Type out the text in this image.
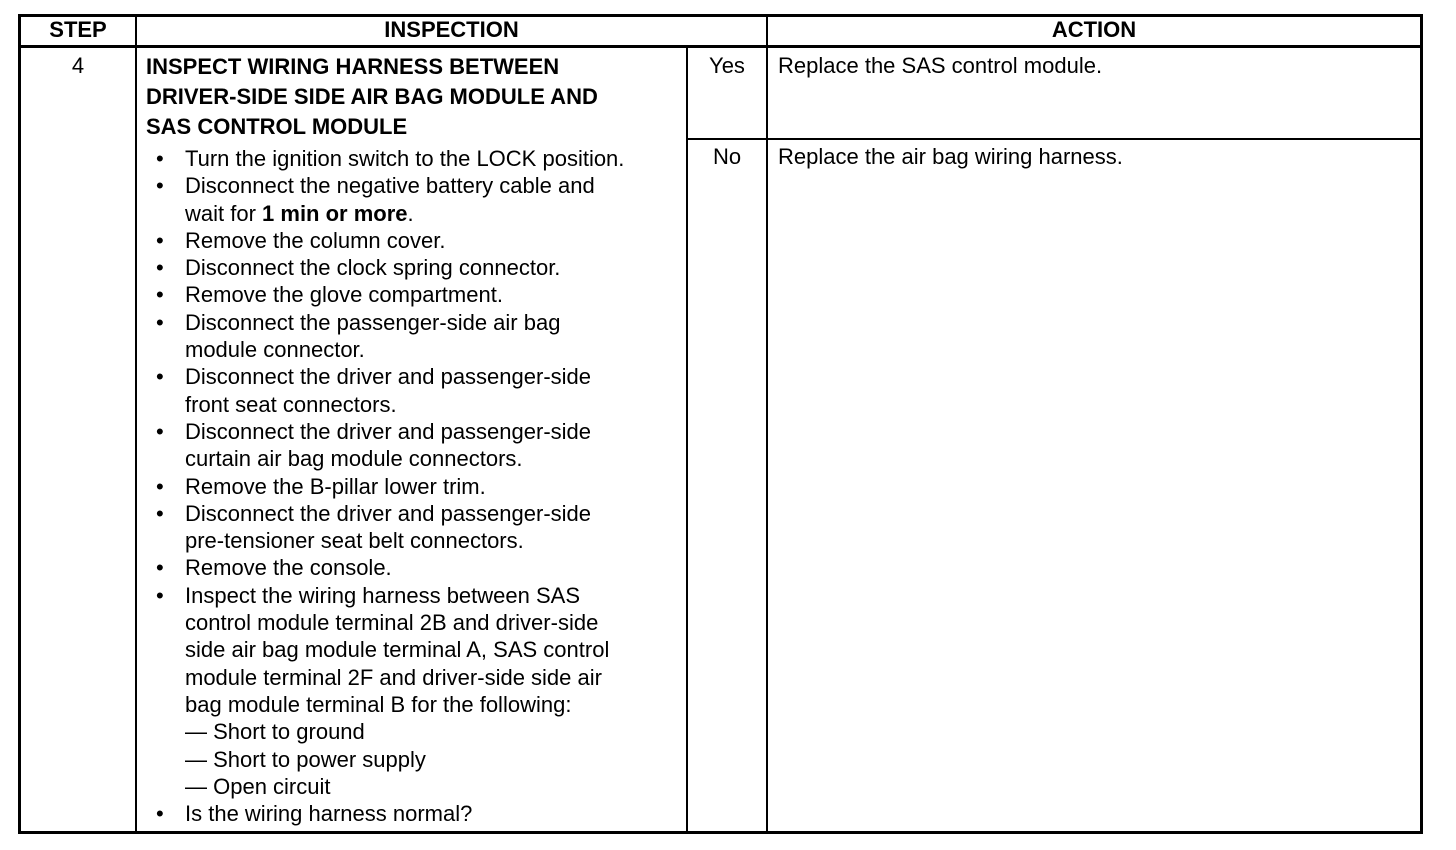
STEP	INSPECTION	ACTION
4	INSPECT WIRING HARNESS BETWEEN
DRIVER-SIDE SIDE AIR BAG MODULE AND
SAS CONTROL MODULE
• Turn the ignition switch to the LOCK position.
• Disconnect the negative battery cable and
wait for 1 min or more.
• Remove the column cover.
• Disconnect the clock spring connector.
• Remove the glove compartment.
• Disconnect the passenger-side air bag
module connector.
• Disconnect the driver and passenger-side
front seat connectors.
• Disconnect the driver and passenger-side
curtain air bag module connectors.
• Remove the B-pillar lower trim.
• Disconnect the driver and passenger-side
pre-tensioner seat belt connectors.
• Remove the console.
• Inspect the wiring harness between SAS
control module terminal 2B and driver-side
side air bag module terminal A, SAS control
module terminal 2F and driver-side side air
bag module terminal B for the following:
— Short to ground
— Short to power supply
— Open circuit
• Is the wiring harness normal?
Yes	Replace the SAS control module.
No	Replace the air bag wiring harness.
